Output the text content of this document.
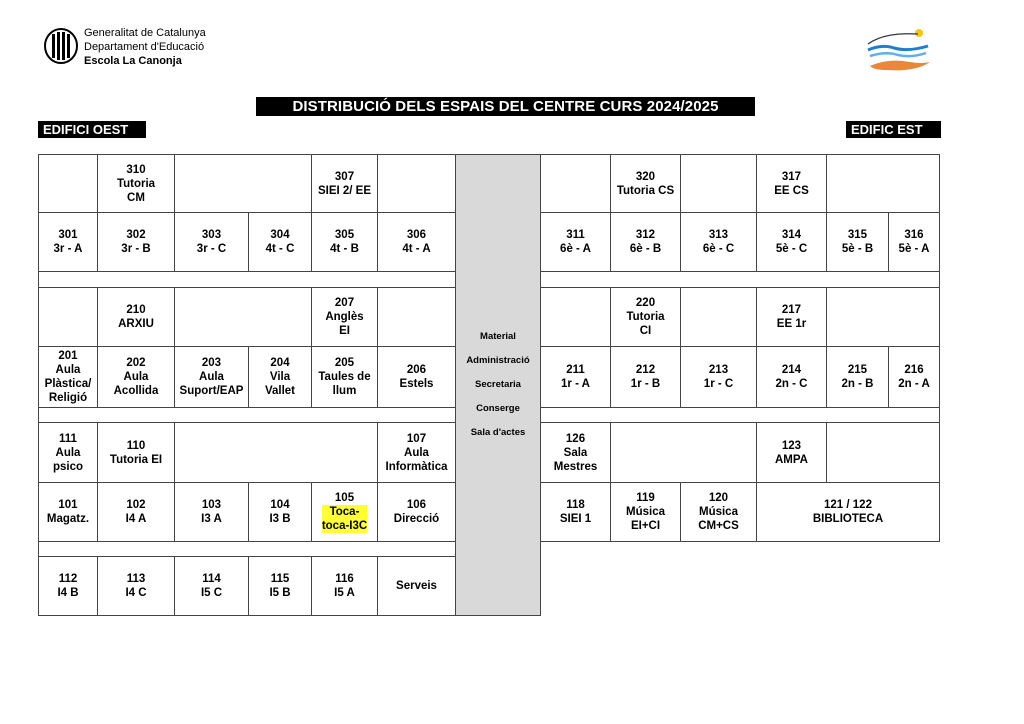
Generalitat de Catalunya
Departament d'Educació
Escola La Canonja
DISTRIBUCIÓ DELS ESPAIS DEL CENTRE CURS 2024/2025
EDIFICI OEST	EDIFIC EST
310
Tutoria
CM
307
SIEI 2/ EE
301
3r - A
302
3r - B
303
3r - C
304
4t - C
305
4t - B
306
4t - A
210
ARXIU
207
Anglès
EI
201
Aula
Plàstica/
Religió
202
Aula
Acollida
203
Aula
Suport/EAP
204
Vila
Vallet
205
Taules de
llum
206
Estels
111
Aula psico
110
Tutoria EI
107
Aula
Informàtica
101
Magatz.
102
I4 A
103
I3 A
104
I3 B
105
Toca-
toca-I3C
106
Direcció
112
I4 B
113
I4 C
114
I5 C
115
I5 B
116
I5 A
Serveis
Material
Administració
Secretaria
Conserge
Sala d'actes
320
Tutoria CS
317
EE CS
311
6è - A
312
6è - B
313
6è - C
314
5è - C
315
5è - B
316
5è - A
220
Tutoria
CI
217
EE 1r
211
1r - A
212
1r - B
213
1r - C
214
2n - C
215
2n - B
216
2n - A
126
Sala
Mestres
123
AMPA
118
SIEI 1
119
Música
EI+CI
120
Música
CM+CS
121 / 122
BIBLIOTECA
